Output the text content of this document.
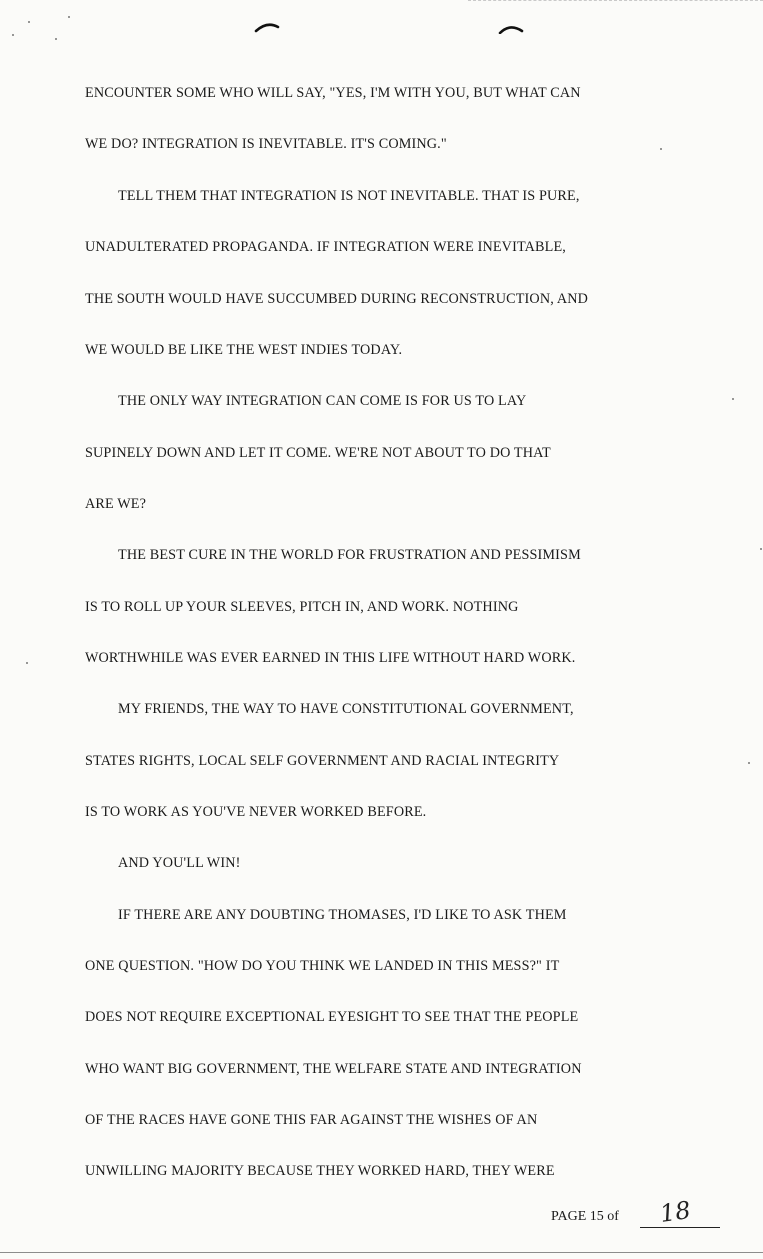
ENCOUNTER SOME WHO WILL SAY, "YES, I'M WITH YOU, BUT WHAT CAN
WE DO? INTEGRATION IS INEVITABLE. IT'S COMING."
TELL THEM THAT INTEGRATION IS NOT INEVITABLE. THAT IS PURE,
UNADULTERATED PROPAGANDA. IF INTEGRATION WERE INEVITABLE,
THE SOUTH WOULD HAVE SUCCUMBED DURING RECONSTRUCTION, AND
WE WOULD BE LIKE THE WEST INDIES TODAY.
THE ONLY WAY INTEGRATION CAN COME IS FOR US TO LAY
SUPINELY DOWN AND LET IT COME. WE'RE NOT ABOUT TO DO THAT
ARE WE?
THE BEST CURE IN THE WORLD FOR FRUSTRATION AND PESSIMISM
IS TO ROLL UP YOUR SLEEVES, PITCH IN, AND WORK. NOTHING
WORTHWHILE WAS EVER EARNED IN THIS LIFE WITHOUT HARD WORK.
MY FRIENDS, THE WAY TO HAVE CONSTITUTIONAL GOVERNMENT,
STATES RIGHTS, LOCAL SELF GOVERNMENT AND RACIAL INTEGRITY
IS TO WORK AS YOU'VE NEVER WORKED BEFORE.
AND YOU'LL WIN!
IF THERE ARE ANY DOUBTING THOMASES, I'D LIKE TO ASK THEM
ONE QUESTION. "HOW DO YOU THINK WE LANDED IN THIS MESS?" IT
DOES NOT REQUIRE EXCEPTIONAL EYESIGHT TO SEE THAT THE PEOPLE
WHO WANT BIG GOVERNMENT, THE WELFARE STATE AND INTEGRATION
OF THE RACES HAVE GONE THIS FAR AGAINST THE WISHES OF AN
UNWILLING MAJORITY BECAUSE THEY WORKED HARD, THEY WERE
PAGE 15 of 18
